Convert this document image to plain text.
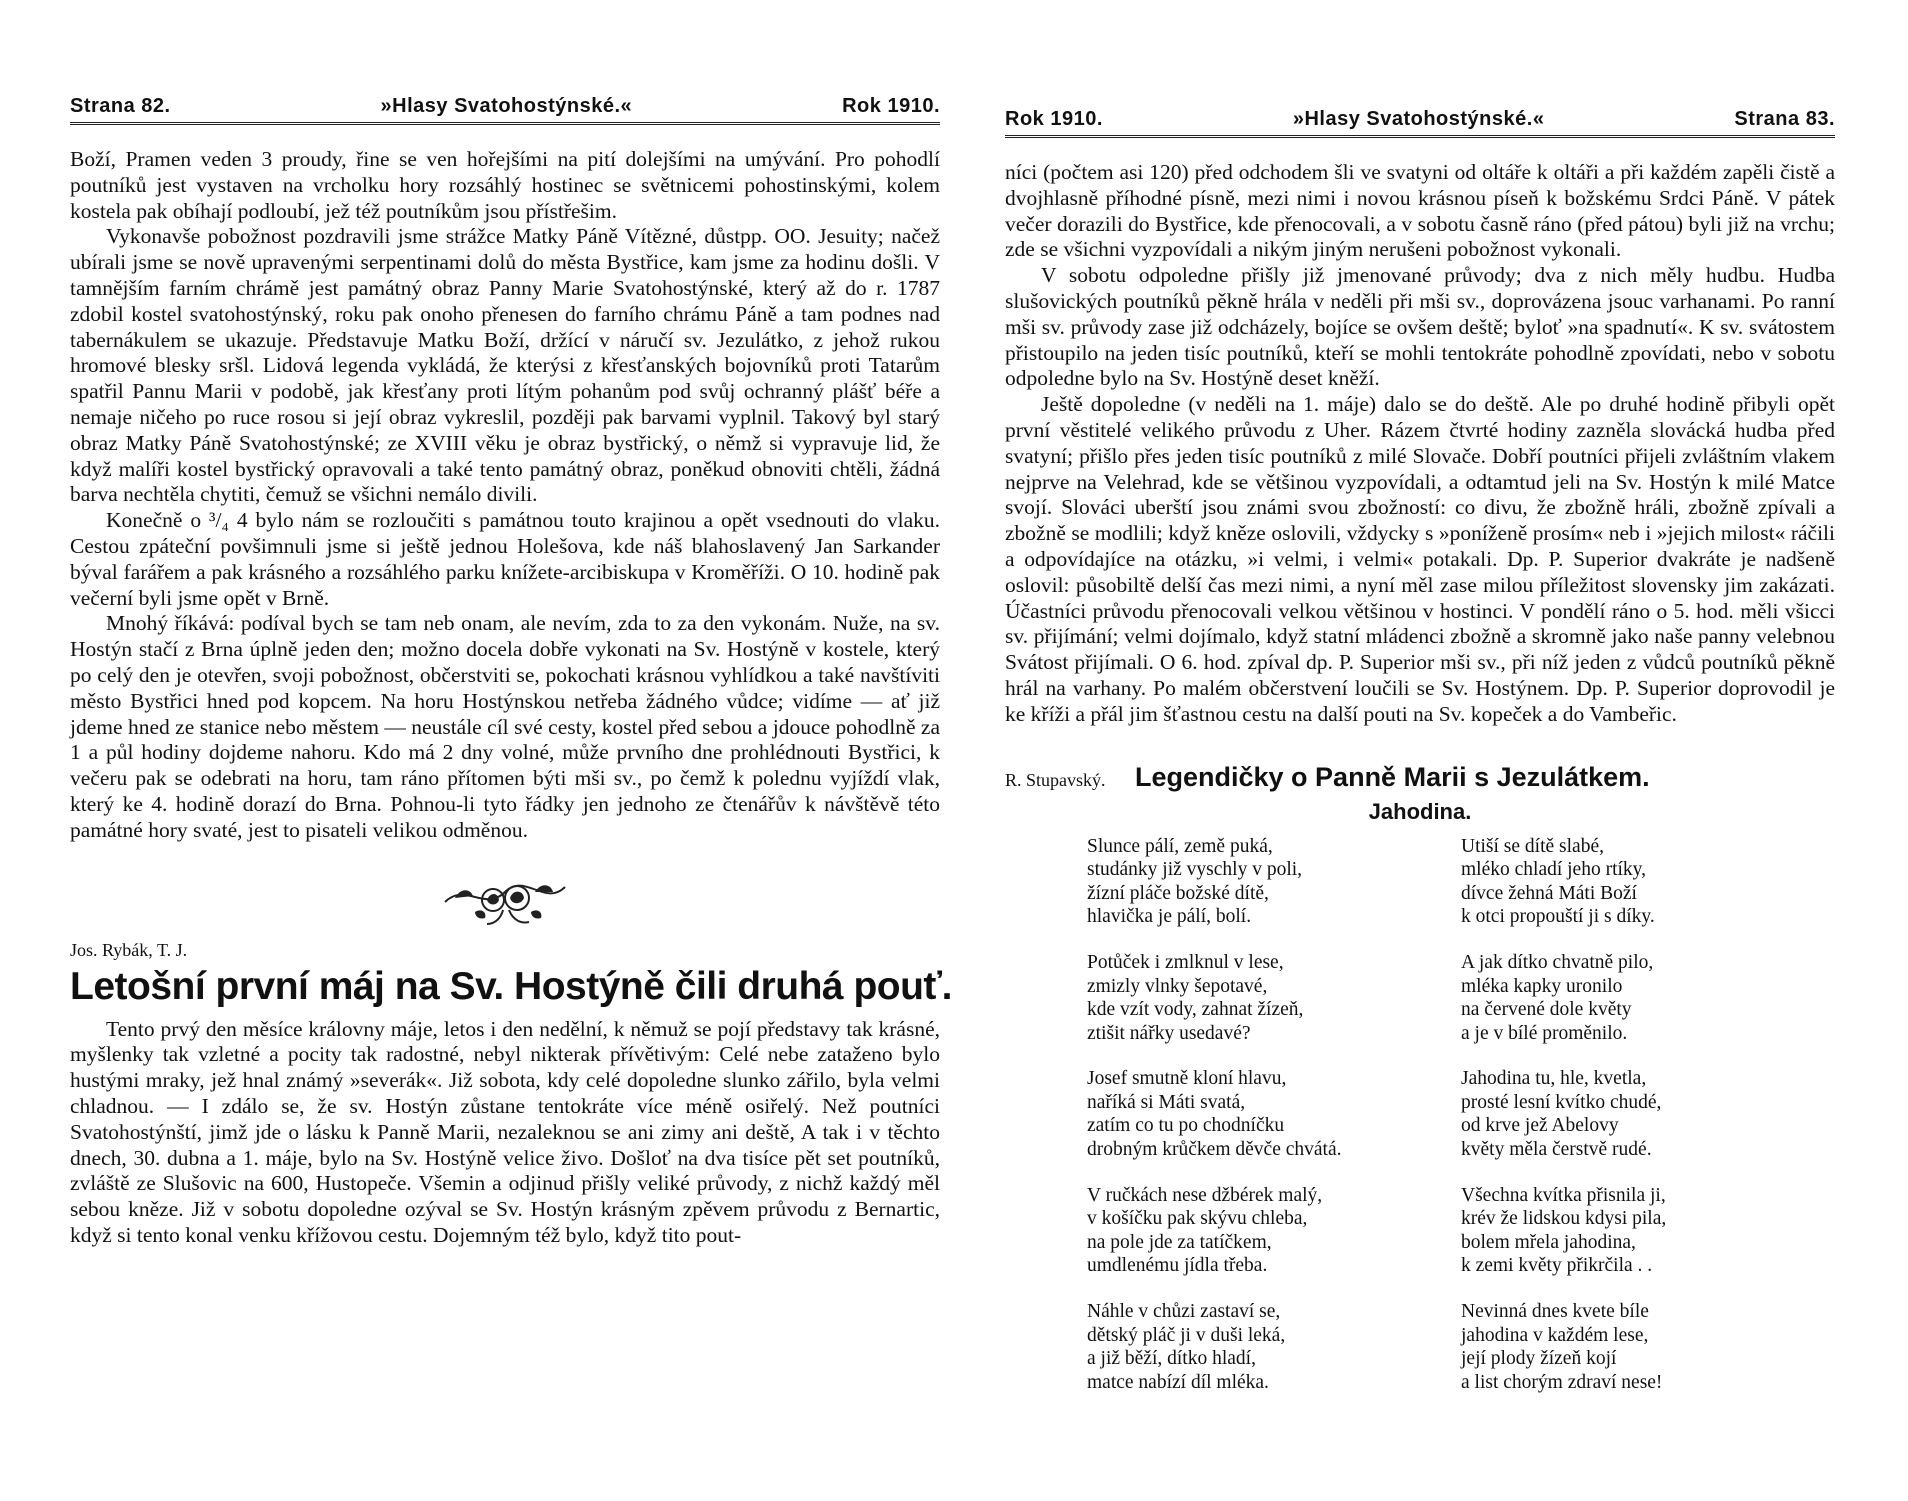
Strana 82.	»Hlasy Svatohostýnské.«	Rok 1910.

Boží, Pramen veden 3 proudy, řine se ven hořejšími na pití dolejšími na umývání. Pro pohodlí poutníků jest vystaven na vrcholku hory rozsáhlý hostinec se světnicemi pohostinskými, kolem kostela pak obíhají podloubí, jež též poutníkům jsou přístřešim.

Vykonavše pobožnost pozdravili jsme strážce Matky Páně Vítězné, důstpp. OO. Jesuity; načež ubírali jsme se nově upravenými serpentinami dolů do města Bystřice, kam jsme za hodinu došli. V tamnějším farním chrámě jest památný obraz Panny Marie Svatohostýnské, který až do r. 1787 zdobil kostel svatohostýnský, roku pak onoho přenesen do farního chrámu Páně a tam podnes nad tabernákulem se ukazuje. Představuje Matku Boží, držící v náručí sv. Jezulátko, z jehož rukou hromové blesky sršl. Lidová legenda vykládá, že kterýsi z křesťanských bojovníků proti Tatarům spatřil Pannu Marii v podobě, jak křesťany proti lítým pohanům pod svůj ochranný plášť béře a nemaje ničeho po ruce rosou si její obraz vykreslil, později pak barvami vyplnil. Takový byl starý obraz Matky Páně Svatohostýnské; ze XVIII věku je obraz bystřický, o němž si vypravuje lid, že když malíři kostel bystřický opravovali a také tento památný obraz, poněkud obnoviti chtěli, žádná barva nechtěla chytiti, čemuž se všichni nemálo divili.

Konečně o ³/₄ 4 bylo nám se rozloučiti s památnou touto krajinou a opět vsednouti do vlaku. Cestou zpáteční povšimnuli jsme si ještě jednou Holešova, kde náš blahoslavený Jan Sarkander býval farářem a pak krásného a rozsáhlého parku knížete-arcibiskupa v Kroměříži. O 10. hodině pak večerní byli jsme opět v Brně.

Mnohý říkává: podíval bych se tam neb onam, ale nevím, zda to za den vykonám. Nuže, na sv. Hostýn stačí z Brna úplně jeden den; možno docela dobře vykonati na Sv. Hostýně v kostele, který po celý den je otevřen, svoji pobožnost, občerstviti se, pokochati krásnou vyhlídkou a také navštíviti město Bystřici hned pod kopcem. Na horu Hostýnskou netřeba žádného vůdce; vidíme — ať již jdeme hned ze stanice nebo městem — neustále cíl své cesty, kostel před sebou a jdouce pohodlně za 1 a půl hodiny dojdeme nahoru. Kdo má 2 dny volné, může prvního dne prohlédnouti Bystřici, k večeru pak se odebrati na horu, tam ráno přítomen býti mši sv., po čemž k polednu vyjíždí vlak, který ke 4. hodině dorazí do Brna. Pohnou-li tyto řádky jen jednoho ze čtenářův k návštěvě této památné hory svaté, jest to pisateli velikou odměnou.

Jos. Rybák, T. J.
Letošní první máj na Sv. Hostýně čili druhá pouť.

Tento prvý den měsíce královny máje, letos i den nedělní, k němuž se pojí představy tak krásné, myšlenky tak vzletné a pocity tak radostné, nebyl nikterak přívětivým: Celé nebe zataženo bylo hustými mraky, jež hnal známý »severák«. Již sobota, kdy celé dopoledne slunko zářilo, byla velmi chladnou. — I zdálo se, že sv. Hostýn zůstane tentokráte více méně osiřelý. Než poutníci Svatohostýnští, jimž jde o lásku k Panně Marii, nezaleknou se ani zimy ani deště, A tak i v těchto dnech, 30. dubna a 1. máje, bylo na Sv. Hostýně velice živo. Došloť na dva tisíce pět set poutníků, zvláště ze Slušovic na 600, Hustopeče. Všemin a odjinud přišly veliké průvody, z nichž každý měl sebou kněze. Již v sobotu dopoledne ozýval se Sv. Hostýn krásným zpěvem průvodu z Bernartic, když si tento konal venku křížovou cestu. Dojemným též bylo, když tito pout-

Rok 1910.	»Hlasy Svatohostýnské.«	Strana 83.

níci (počtem asi 120) před odchodem šli ve svatyni od oltáře k oltáři a při každém zapěli čistě a dvojhlasně příhodné písně, mezi nimi i novou krásnou píseň k božskému Srdci Páně. V pátek večer dorazili do Bystřice, kde přenocovali, a v sobotu časně ráno (před pátou) byli již na vrchu; zde se všichni vyzpovídali a nikým jiným nerušeni pobožnost vykonali.

V sobotu odpoledne přišly již jmenované průvody; dva z nich měly hudbu. Hudba slušovických poutníků pěkně hrála v neděli při mši sv., doprovázena jsouc varhanami. Po ranní mši sv. průvody zase již odcházely, bojíce se ovšem deště; byloť »na spadnutí«. K sv. svátostem přistoupilo na jeden tisíc poutníků, kteří se mohli tentokráte pohodlně zpovídati, nebo v sobotu odpoledne bylo na Sv. Hostýně deset kněží.

Ještě dopoledne (v neděli na 1. máje) dalo se do deště. Ale po druhé hodině přibyli opět první věstitelé velikého průvodu z Uher. Rázem čtvrté hodiny zazněla slovácká hudba před svatyní; přišlo přes jeden tisíc poutníků z milé Slovače. Dobří poutníci přijeli zvláštním vlakem nejprve na Velehrad, kde se většinou vyzpovídali, a odtamtud jeli na Sv. Hostýn k milé Matce svojí. Slováci uberští jsou známi svou zbožností: co divu, že zbožně hráli, zbožně zpívali a zbožně se modlili; když kněze oslovili, vždycky s »poníženě prosím« neb i »jejich milost« ráčili a odpovídajíce na otázku, »i velmi, i velmi« potakali. Dp. P. Superior dvakráte je nadšeně oslovil: působiltě delší čas mezi nimi, a nyní měl zase milou příležitost slovensky jim zakázati. Účastníci průvodu přenocovali velkou většinou v hostinci. V pondělí ráno o 5. hod. měli všicci sv. přijímání; velmi dojímalo, když statní mládenci zbožně a skromně jako naše panny velebnou Svátost přijímali. O 6. hod. zpíval dp. P. Superior mši sv., při níž jeden z vůdců poutníků pěkně hrál na varhany. Po malém občerstvení loučili se Sv. Hostýnem. Dp. P. Superior doprovodil je ke kříži a přál jim šťastnou cestu na další pouti na Sv. kopeček a do Vambeřic.

R. Stupavský.	Legendičky o Panně Marii s Jezulátkem.
Jahodina.
Slunce pálí, země puká,
studánky již vyschly v poli,
žízní pláče božské dítě,
hlavička je pálí, bolí.
Potůček i zmlknul v lese,
zmizly vlnky šepotavé,
kde vzít vody, zahnat žízeň,
ztišit nářky usedavé?
Josef smutně kloní hlavu,
naříká si Máti svatá,
zatím co tu po chodníčku
drobným krůčkem děvče chvátá.
V ručkách nese džbérek malý,
v košíčku pak skývu chleba,
na pole jde za tatíčkem,
umdlenému jídla třeba.
Náhle v chůzi zastaví se,
dětský pláč ji v duši leká,
a již běží, dítko hladí,
matce nabízí díl mléka.
Utiší se dítě slabé,
mléko chladí jeho rtíky,
dívce žehná Máti Boží
k otci propouští ji s díky.
A jak dítko chvatně pilo,
mléka kapky uronilo
na červené dole květy
a je v bílé proměnilo.
Jahodina tu, hle, kvetla,
prosté lesní kvítko chudé,
od krve jež Abelovy
květy měla čerstvě rudé.
Všechna kvítka přisnila ji,
krév že lidskou kdysi pila,
bolem mřela jahodina,
k zemi květy přikrčila . .
Nevinná dnes kvete bíle
jahodina v každém lese,
její plody žízeň kojí
a list chorým zdraví nese!
